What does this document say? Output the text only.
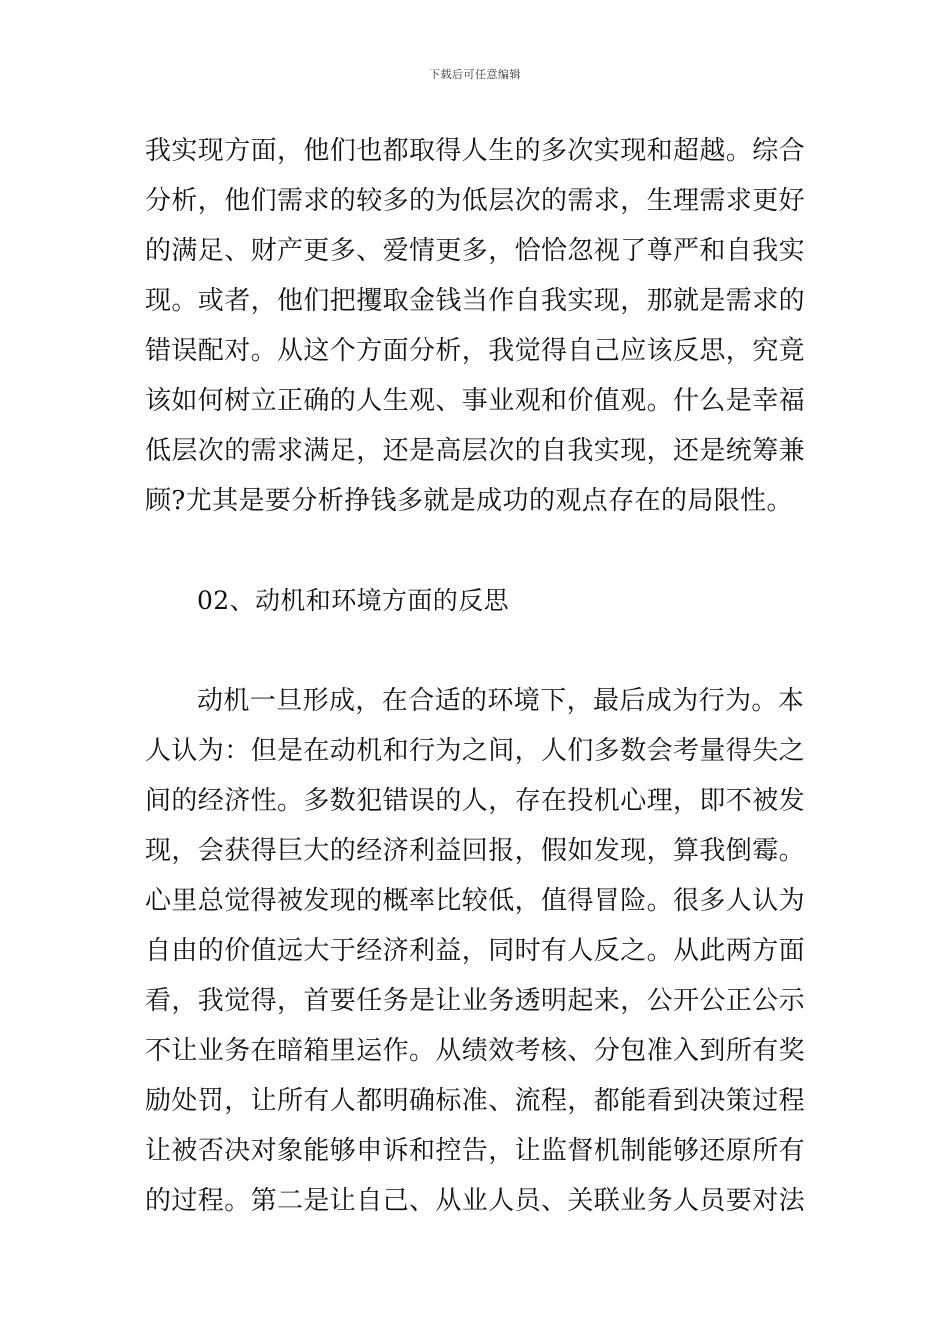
下载后可任意编辑
我实现方面，他们也都取得人生的多次实现和超越。综合
分析，他们需求的较多的为低层次的需求，生理需求更好
的满足、财产更多、爱情更多，恰恰忽视了尊严和自我实
现。或者，他们把攫取金钱当作自我实现，那就是需求的
错误配对。从这个方面分析，我觉得自己应该反思，究竟
该如何树立正确的人生观、事业观和价值观。什么是幸福
低层次的需求满足，还是高层次的自我实现，还是统筹兼
顾?尤其是要分析挣钱多就是成功的观点存在的局限性。
02、动机和环境方面的反思
动机一旦形成，在合适的环境下，最后成为行为。本
人认为：但是在动机和行为之间，人们多数会考量得失之
间的经济性。多数犯错误的人，存在投机心理，即不被发
现，会获得巨大的经济利益回报，假如发现，算我倒霉。
心里总觉得被发现的概率比较低，值得冒险。很多人认为
自由的价值远大于经济利益，同时有人反之。从此两方面
看，我觉得，首要任务是让业务透明起来，公开公正公示
不让业务在暗箱里运作。从绩效考核、分包准入到所有奖
励处罚，让所有人都明确标准、流程，都能看到决策过程
让被否决对象能够申诉和控告，让监督机制能够还原所有
的过程。第二是让自己、从业人员、关联业务人员要对法
